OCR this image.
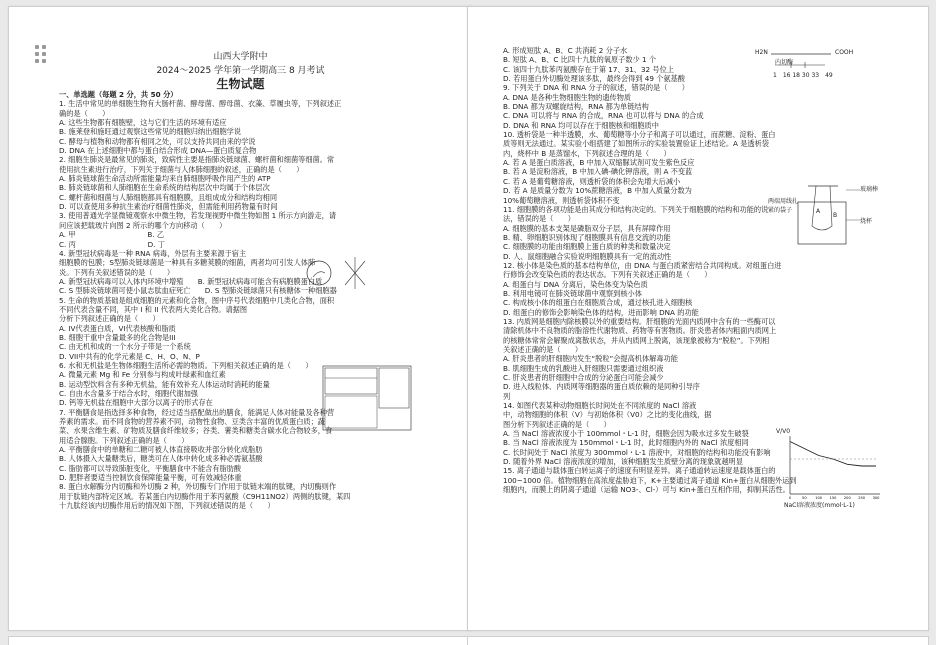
山西大学附中
2024～2025 学年第一学期高三 8 月考试
生物试题
一、单选题（每题 2 分，共 50 分）
1. 生活中常见的单细胞生物有大肠杆菌、酵母菌、醇母菌、衣藻、草履虫等，下列叙述正
确的是（　　）
A. 这些生物都有细胞壁，这与它们生活的环境有适应
B. 施莱登和施旺通过观察这些常见的细胞归纳出细胞学说
C. 酵母与植物和动物都有相同之处，可以支持共同由来的学说
D. DNA 在上述细胞中都与蛋白结合形成 DNA—蛋白质复合物
2. 细胞生肺炎是最常见的肺炎，致病性主要是指肺炎链球菌、螺杆菌和细菌等细菌。常
使用抗生素进行治疗，下列关于细菌与人体肺细胞的叙述，正确的是（　　）
A. 肺炎链球菌生命活动所需能量均来自肺细胞呼吸作用产生的 ATP
B. 肺炎链球菌和人肺细胞在生命系统的结构层次中均属于个体层次
C. 螺杆菌和细菌与人肺细胞都具有细胞膜，且组成成分和结构均相同
D. 可以查使用多种抗生素治疗细菌性肺炎，但需能利用药物量有时间
3. 使用普通光学显微镜观察水中微生物，若发现视野中微生物如图 1 所示方向游走，请
问应该把载玻片向图 2 所示的哪个方向移动（　　）
A. 甲　　　　　　　　　　B. 乙
C. 丙　　　　　　　　　　D. 丁
4. 新型冠状病毒是一种 RNA 病毒，外层有主要来源于宿主
细胞膜的包膜；S型肺炎链球菌是一种具有多糖荚膜的细菌，两者均可引发人体肺
炎。下列有关叙述错误的是（　　）
A. 新型冠状病毒可以入体内环境中增殖　　B. 新型冠状病毒可能含有病胞膜蛋白质
C. S 型肺炎链球菌可使小鼠志肽血症死亡　　D. S 型肺炎链球菌只有核糖体一种细胞器
5. 生命的物质基础是组成细胞的元素和化合物，图中序号代表细胞中几类化合物，面积
不同代表含量不同，其中 I 和 II 代表两大类化合物。请据图
分析下列叙述正确的是（　　）
A. IV代表蛋白质，VI代表核酸和脂质
B. 细胞干重中含量最多的化合物是III
C. 由无机和成的一个水分子带是一个系统
D. VII中共有的化学元素是 C、H、O、N、P
6. 水和无机盐是生物体细胞生活所必需的物质。下列相关叙述正确的是（　　）
A. 微量元素 Mg 和 Fe 分别参与构成叶绿素和血红素
B. 运动型饮料含有多种无机盐，能有效补充人体运动时消耗的能量
C. 自由水含量多于结合水时，细胞代谢加强
D. 钙等无机盐在细胞中大部分以离子的形式存在
7. 平衡膳食是指选择多种食物，经过适当搭配做出的膳食，能满足人体对能量及各种营
养素的需求。而不同食物的营养素不同，动物性食物、豆类含丰富的优质蛋白质；蔬
菜、水果含维生素、矿物质及膳食纤维较多；谷类、薯类和糖类含碳水化合物较多，食
用适合腺胞。下列叙述正确的是（　　）
A. 平衡膳食中的单糖和二糖可被人体直接吸收并部分转化成脂肪
B. 人体摄入大量糖类后，糖类可在人体中转化成多种必需氨基酸
C. 脂肪都可以导致肺脏变化，平衡膳食中不能含有脂肪酸
D. 肥胖者要适当控制饮食保障能量平衡，可有效减轻体重
8. 蛋白水解酶分内切酶和外切酶 2 种，外切酶专门作用于肽链末端的肽键，内切酶则作
用于肽链内部特定区域。若某蛋白内切酶作用于苯丙氨酸（C9H11NO2）两侧的肽键，某四
十九肽经该内切酶作用后的情况如下图，下列叙述错误的是（　　）
H2N	COOH
内切酶
1　16 18 30 33　49
玻璃棒
两端用线扎紧的袋子	A
B
烧杯
0	50 100 150 200 250 300
V/V0
NaCl溶液浓度(mmol·L-1)
A. 形成短肽 A、B、C 共消耗 2 分子水
B. 短肽 A、B、C 比四十九肽的氧原子数少 1 个
C. 该四十九肽苯丙氨酸存在于第 17、31、32 号位上
D. 若用蛋白外切酶处理该多肽，最终会得到 49 个氨基酸
9. 下列关于 DNA 和 RNA 分子的叙述，错误的是（　　）
A. DNA 是各种生物细胞生物的遗传物质
B. DNA 都为双螺旋结构，RNA 都为单链结构
C. DNA 可以将与 RNA 的合成，RNA 也可以将与 DNA 的合成
D. DNA 和 RNA 均可以存在于细胞核和细胞质中
10. 透析袋是一种半透膜，水、葡萄糖等小分子和离子可以通过，而蔗糖、淀粉、蛋白
质等则无法通过。某实验小组搭建了如图所示的实验装置验证上述结论。A 是透析袋
内，烧杯中 B 是蒸馏水，下列叙述合理的是（　　）
A. 若 A 是蛋白质溶液，B 中加入双缩脲试剂可发生紫色反应
B. 若 A 是淀粉溶液，B 中加入碘-碘化钾溶液，则 A 不变蓝
C. 若 A 是葡萄糖溶液，则透析袋的体积会先增大后减小
D. 若 A 是质量分数为 10%蔗糖溶液，B 中加入质量分数为
10%葡萄糖溶液，则透析袋体积不变
11. 细胞膜的各项功能是由其成分和结构决定的。下列关于细胞膜的结构和功能的说
法，错误的是（　　）
A. 细胞膜的基本支架是磷脂双分子层，具有屏障作用
B. 精、卵细胞识别体现了细胞膜具有信息交流的功能
C. 细胞膜的功能由细胞膜上蛋白质的种类和数量决定
D. 人、鼠细胞融合实验说明细胞膜具有一定的流动性
12. 核小体是染色质的基本结构单位，由 DNA 与蛋白质紧密结合共同构成。对组蛋白进
行修饰会改变染色质的表达状态。下列有关叙述正确的是（　　）
A. 组蛋白与 DNA 分离后，染色体变为染色质
B. 利用电镜可在肺炎链球菌中观察到核小体
C. 构成核小体的组蛋白在细胞质合成，通过核孔进入细胞核
D. 组蛋白的修饰会影响染色体的结构，进而影响 DNA 的功能
13. 内质网是细胞内除核膜以外的重要结构。肝细胞的光面内质网中含有的一些酶可以
清除机体中不良物质的脂溶性代谢物质、药物等有害物质。肝炎患者体内粗面内质网上
的核糖体常常会解聚成离散状态，并从内质网上脱离，该现象被称为“脱粒”。下列相
关叙述正确的是（　　）
A. 肝炎患者的肝细胞内发生“脱粒”会提高机体解毒功能
B. 肌细胞生成的乳酸进入肝细胞只需要通过组织液
C. 肝炎患者的肝细胞中合成的分泌蛋白可能会减少
D. 进入线粒体、内质网等细胞器的蛋白质依赖的是同种引导序
列
14. 如图代表某种动物细胞长时间处在不同浓度的 NaCl 溶液
中，动物细胞的体积（V）与初始体积（V0）之比的变化曲线，据
图分析下列叙述正确的是（　　）
A. 当 NaCl 溶液浓度小于 100mmol・L-1 时，细胞会因为吸水过多发生破裂
B. 当 NaCl 溶液浓度为 150mmol・L-1 时，此时细胞内外的 NaCl 浓度相同
C. 长时间处于 NaCl 浓度为 300mmol・L-1 溶液中，对细胞的结构和功能没有影响
D. 随着外界 NaCl 溶液浓度的增加，该种细胞发生质壁分离的现象就越明显
15. 离子通道与载体蛋白转运离子的速度有明显差异。离子通道转运速度是载体蛋白的
100~1000 倍。植物细胞在高浓度盐胁迫下，K+主要通过离子通道 Kin+蛋白从细胞外运到
细胞内，而膜上的阴离子通道（运输 NO3-、Cl-）可与 Kin+蛋白互相作用，抑制其活性。
